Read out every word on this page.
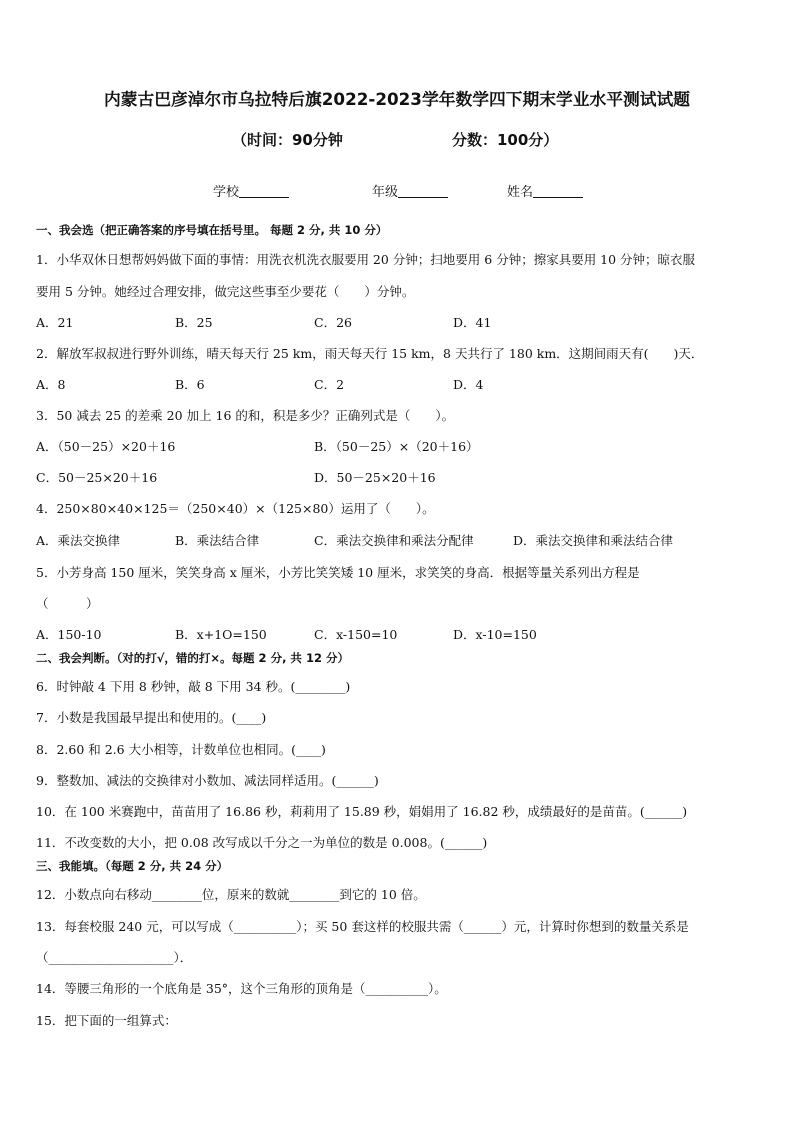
内蒙古巴彦淖尔市乌拉特后旗2022-2023学年数学四下期末学业水平测试试题
（时间：90分钟	分数：100分）
学校	年级	姓名
一、我会选（把正确答案的序号填在括号里。 每题 2 分, 共 10 分）
1．小华双休日想帮妈妈做下面的事情：用洗衣机洗衣服要用 20 分钟；扫地要用 6 分钟；擦家具要用 10 分钟；晾衣服
要用 5 分钟。她经过合理安排，做完这些事至少要花（　　）分钟。
A．21	B．25	C．26	D．41
2．解放军叔叔进行野外训练，晴天每天行 25 km，雨天每天行 15 km，8 天共行了 180 km．这期间雨天有(　　)天．
A．8	B．6	C．2	D．4
3．50 减去 25 的差乘 20 加上 16 的和，积是多少？正确列式是（　　）。
A．（50－25）×20＋16	B．（50－25）×（20＋16）
C．50－25×20＋16	D．50－25×20＋16
4．250×80×40×125＝（250×40）×（125×80）运用了（　　）。
A．乘法交换律	B．乘法结合律	C．乘法交换律和乘法分配律	D．乘法交换律和乘法结合律
5．小芳身高 150 厘米，笑笑身高 x 厘米，小芳比笑笑矮 10 厘米，求笑笑的身高．根据等量关系列出方程是
（　　　）
A．150-10	B．x+1O=150	C．x-150=10	D．x-10=150
二、我会判断。（对的打√，错的打×。每题 2 分, 共 12 分）
6．时钟敲 4 下用 8 秒钟，敲 8 下用 34 秒。(________)
7．小数是我国最早提出和使用的。(____)
8．2.60 和 2.6 大小相等，计数单位也相同。(____)
9．整数加、减法的交换律对小数加、减法同样适用。(______)
10．在 100 米赛跑中，苗苗用了 16.86 秒，莉莉用了 15.89 秒，娟娟用了 16.82 秒，成绩最好的是苗苗。(______)
11．不改变数的大小，把 0.08 改写成以千分之一为单位的数是 0.008。(______)
三、我能填。（每题 2 分, 共 24 分）
12．小数点向右移动________位，原来的数就________到它的 10 倍。
13．每套校服 240 元，可以写成（__________）；买 50 套这样的校服共需（______）元，计算时你想到的数量关系是
（____________________）．
14．等腰三角形的一个底角是 35°，这个三角形的顶角是（__________）。
15．把下面的一组算式：
